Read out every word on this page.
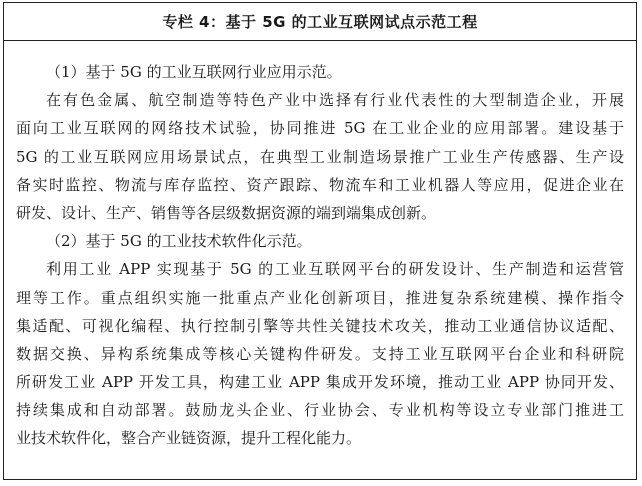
专栏 4：基于 5G 的工业互联网试点示范工程
（1）基于 5G 的工业互联网行业应用示范。
在有色金属、航空制造等特色产业中选择有行业代表性的大型制造企业，开展
面向工业互联网的网络技术试验，协同推进 5G 在工业企业的应用部署。建设基于
5G 的工业互联网应用场景试点，在典型工业制造场景推广工业生产传感器、生产设
备实时监控、物流与库存监控、资产跟踪、物流车和工业机器人等应用，促进企业在
研发、设计、生产、销售等各层级数据资源的端到端集成创新。
（2）基于 5G 的工业技术软件化示范。
利用工业 APP 实现基于 5G 的工业互联网平台的研发设计、生产制造和运营管
理等工作。重点组织实施一批重点产业化创新项目，推进复杂系统建模、操作指令
集适配、可视化编程、执行控制引擎等共性关键技术攻关，推动工业通信协议适配、
数据交换、异构系统集成等核心关键构件研发。支持工业互联网平台企业和科研院
所研发工业 APP 开发工具，构建工业 APP 集成开发环境，推动工业 APP 协同开发、
持续集成和自动部署。鼓励龙头企业、行业协会、专业机构等设立专业部门推进工
业技术软件化，整合产业链资源，提升工程化能力。
